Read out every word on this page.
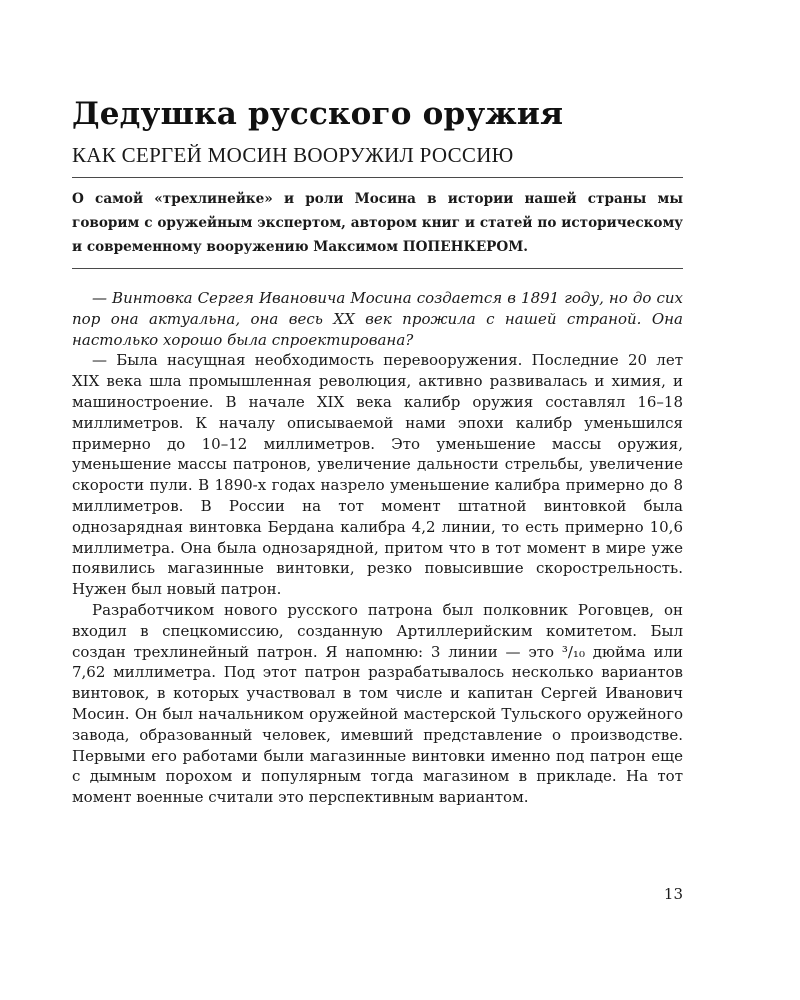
Дедушка русского оружия
КАК СЕРГЕЙ МОСИН ВООРУЖИЛ РОССИЮ

О самой «трехлинейке» и роли Мосина в истории нашей страны мы говорим с оружейным экспертом, автором книг и статей по историческому и современному вооружению Максимом ПОПЕНКЕРОМ.

— Винтовка Сергея Ивановича Мосина создается в 1891 году, но до сих пор она актуальна, она весь XX век прожила с нашей страной. Она настолько хорошо была спроектирована?

— Была насущная необходимость перевооружения. Последние 20 лет XIX века шла промышленная революция, активно развивалась и химия, и машиностроение. В начале XIX века калибр оружия составлял 16–18 миллиметров. К началу описываемой нами эпохи калибр уменьшился примерно до 10–12 миллиметров. Это уменьшение массы оружия, уменьшение массы патронов, увеличение дальности стрельбы, увеличение скорости пули. В 1890-х годах назрело уменьшение калибра примерно до 8 миллиметров. В России на тот момент штатной винтовкой была однозарядная винтовка Бердана калибра 4,2 линии, то есть примерно 10,6 миллиметра. Она была однозарядной, притом что в тот момент в мире уже появились магазинные винтовки, резко повысившие скорострельность. Нужен был новый патрон.

Разработчиком нового русского патрона был полковник Роговцев, он входил в спецкомиссию, созданную Артиллерийским комитетом. Был создан трехлинейный патрон. Я напомню: 3 линии — это ³/₁₀ дюйма или 7,62 миллиметра. Под этот патрон разрабатывалось несколько вариантов винтовок, в которых участвовал в том числе и капитан Сергей Иванович Мосин. Он был начальником оружейной мастерской Тульского оружейного завода, образованный человек, имевший представление о производстве. Первыми его работами были магазинные винтовки именно под патрон еще с дымным порохом и популярным тогда магазином в прикладе. На тот момент военные считали это перспективным вариантом.

13
